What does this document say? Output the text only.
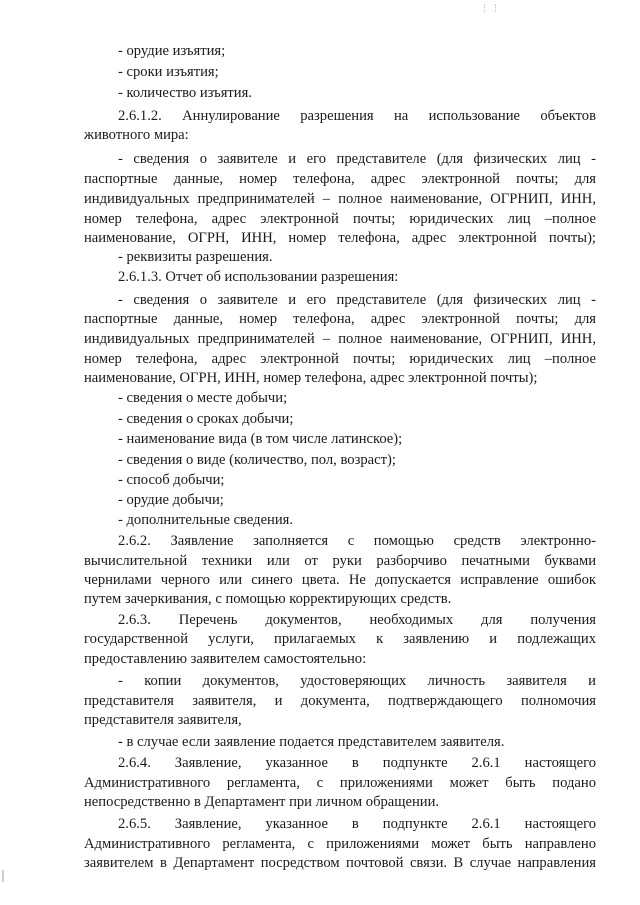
- орудие изъятия;
- сроки изъятия;
- количество изъятия.
2.6.1.2. Аннулирование разрешения на использование объектов
животного мира:
- сведения о заявителе и его представителе (для физических лиц -
паспортные данные, номер телефона, адрес электронной почты; для
индивидуальных предпринимателей – полное наименование, ОГРНИП, ИНН,
номер телефона, адрес электронной почты; юридических лиц –полное
наименование, ОГРН, ИНН, номер телефона, адрес электронной почты);
- реквизиты разрешения.
2.6.1.3. Отчет об использовании разрешения:
- сведения о заявителе и его представителе (для физических лиц -
паспортные данные, номер телефона, адрес электронной почты; для
индивидуальных предпринимателей – полное наименование, ОГРНИП, ИНН,
номер телефона, адрес электронной почты; юридических лиц –полное
наименование, ОГРН, ИНН, номер телефона, адрес электронной почты);
- сведения о месте добычи;
- сведения о сроках добычи;
- наименование вида (в том числе латинское);
- сведения о виде (количество, пол, возраст);
- способ добычи;
- орудие добычи;
- дополнительные сведения.
2.6.2. Заявление заполняется с помощью средств электронно-
вычислительной техники или от руки разборчиво печатными буквами
чернилами черного или синего цвета. Не допускается исправление ошибок
путем зачеркивания, с помощью корректирующих средств.
2.6.3. Перечень документов, необходимых для получения
государственной услуги, прилагаемых к заявлению и подлежащих
предоставлению заявителем самостоятельно:
- копии документов, удостоверяющих личность заявителя и
представителя заявителя, и документа, подтверждающего полномочия
представителя заявителя,
- в случае если заявление подается представителем заявителя.
2.6.4. Заявление, указанное в подпункте 2.6.1 настоящего
Административного регламента, с приложениями может быть подано
непосредственно в Департамент при личном обращении.
2.6.5. Заявление, указанное в подпункте 2.6.1 настоящего
Административного регламента, с приложениями может быть направлено
заявителем в Департамент посредством почтовой связи. В случае направления
